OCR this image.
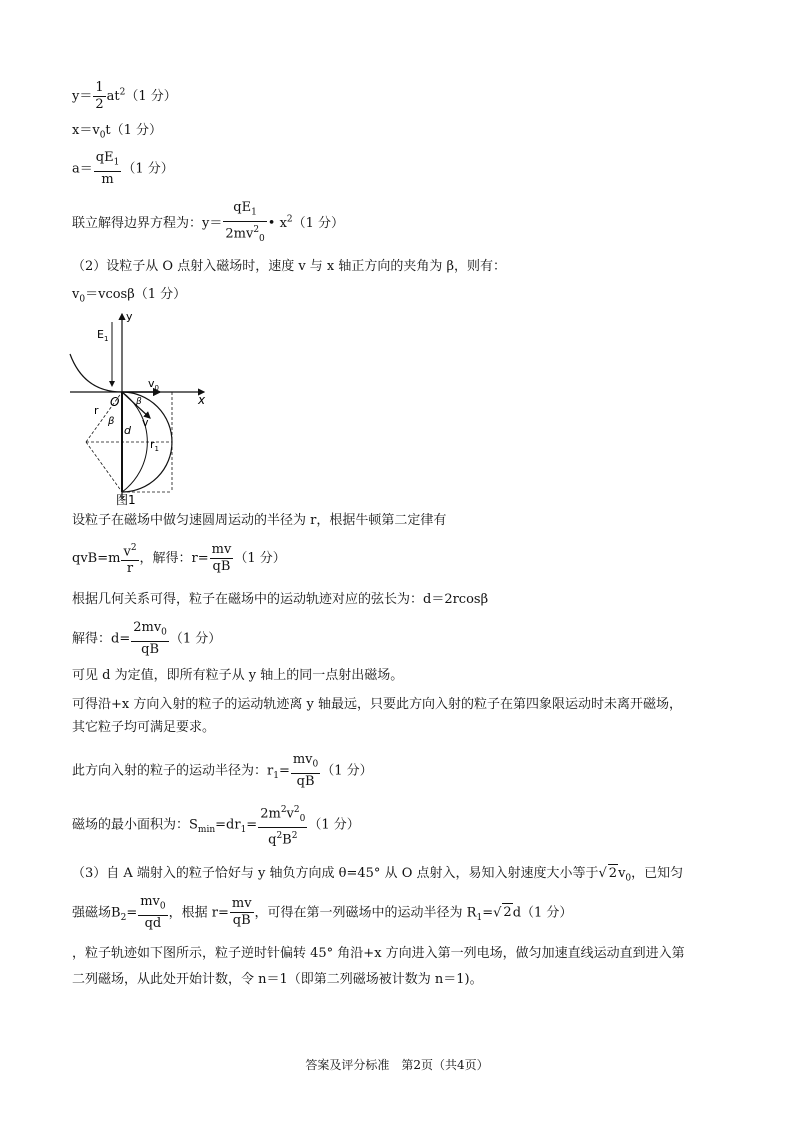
$y= \frac{1}{2} at^2(1$ 分）
$x=v_0t(1$ 分）
$a= \frac{qE_1}{m} (1$ 分）
联立解得边界方程为：$y= \frac{qE_1}{2mv^2_0}$ • $x^2(1$ 分）
（2）设粒子从 O 点射入磁场时，速度 v 与 x 轴正方向的夹角为 β，则有：
$v_0=vcos\beta(1$ 分）
y
x
$E_1$
$v_0$
v
O
β
β
r
d
$r_1$
图1
设粒子在磁场中做匀速圆周运动的半径为 r，根据牛顿第二定律有
$qvB=m \frac{v^2}{r}$ ，解得：$r= \frac{mv}{qB} (1$ 分）
根据几何关系可得，粒子在磁场中的运动轨迹对应的弦长为：d＝2rcosβ
解得：$d= \frac{2mv_0}{qB} (1$ 分）
可见 d 为定值，即所有粒子从 y 轴上的同一点射出磁场。
可得沿+x 方向入射的粒子的运动轨迹离 y 轴最远，只要此方向入射的粒子在第四象限运动时未离开磁场，
其它粒子均可满足要求。
此方向入射的粒子的运动半径为：$r_1= \frac{mv_0}{qB} (1$ 分）
磁场的最小面积为：$S_{min}=dr_1= \frac{2m^2v^2_0}{q^2B^2} (1$ 分）
（3）自 A 端射入的粒子恰好与 y 轴负方向成 θ=45° 从 O 点射入，易知入射速度大小等于√ $2v_0$，已知匀
强磁场$B_2= \frac{mv_0}{qd}$ ，根据 $r= \frac{mv}{qB}$ ，可得在第一列磁场中的运动半径为 $R_1=√$ 2d（1 分）
，粒子轨迹如下图所示，粒子逆时针偏转 45° 角沿+x 方向进入第一列电场，做匀加速直线运动直到进入第
二列磁场，从此处开始计数，令 n＝1（即第二列磁场被计数为 n＝1)。
答案及评分标准　第2页（共4页）
